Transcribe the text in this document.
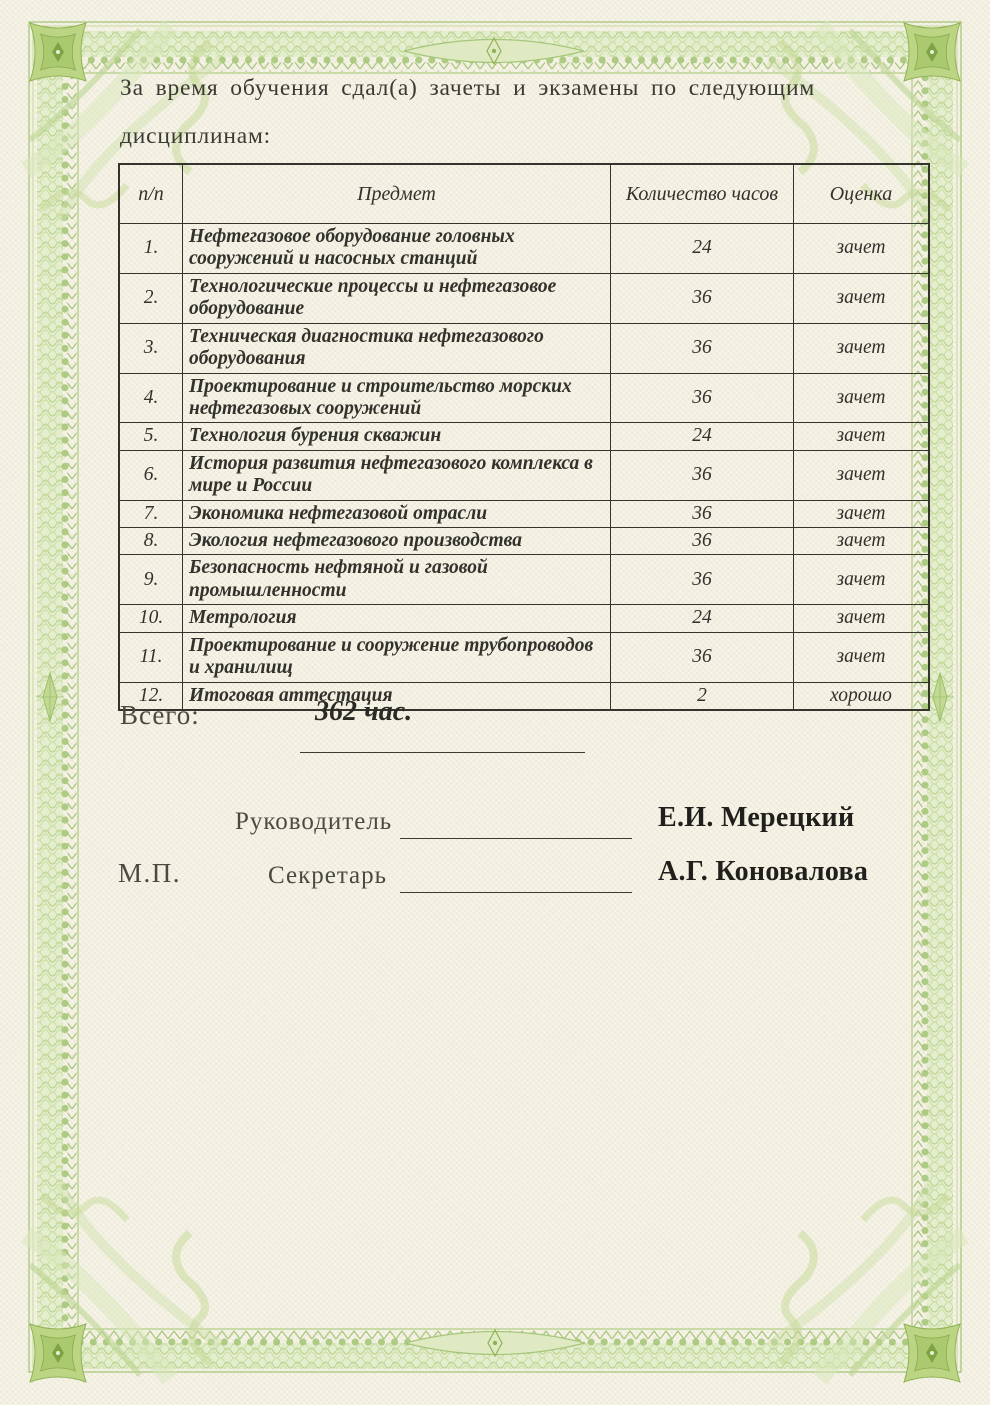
За время обучения сдал(а) зачеты и экзамены по следующим дисциплинам:

п/п	Предмет	Количество часов	Оценка
1.	Нефтегазовое оборудование головных сооружений и насосных станций	24	зачет
2.	Технологические процессы и нефтегазовое оборудование	36	зачет
3.	Техническая диагностика нефтегазового оборудования	36	зачет
4.	Проектирование и строительство морских нефтегазовых сооружений	36	зачет
5.	Технология бурения скважин	24	зачет
6.	История развития нефтегазового комплекса в мире и России	36	зачет
7.	Экономика нефтегазовой отрасли	36	зачет
8.	Экология нефтегазового производства	36	зачет
9.	Безопасность нефтяной и газовой промышленности	36	зачет
10.	Метрология	24	зачет
11.	Проектирование и сооружение трубопроводов и хранилищ	36	зачет
12.	Итоговая аттестация	2	хорошо
Всего:	362 час.
Руководитель	Е.И. Мерецкий
М.П.	Секретарь	А.Г. Коновалова
